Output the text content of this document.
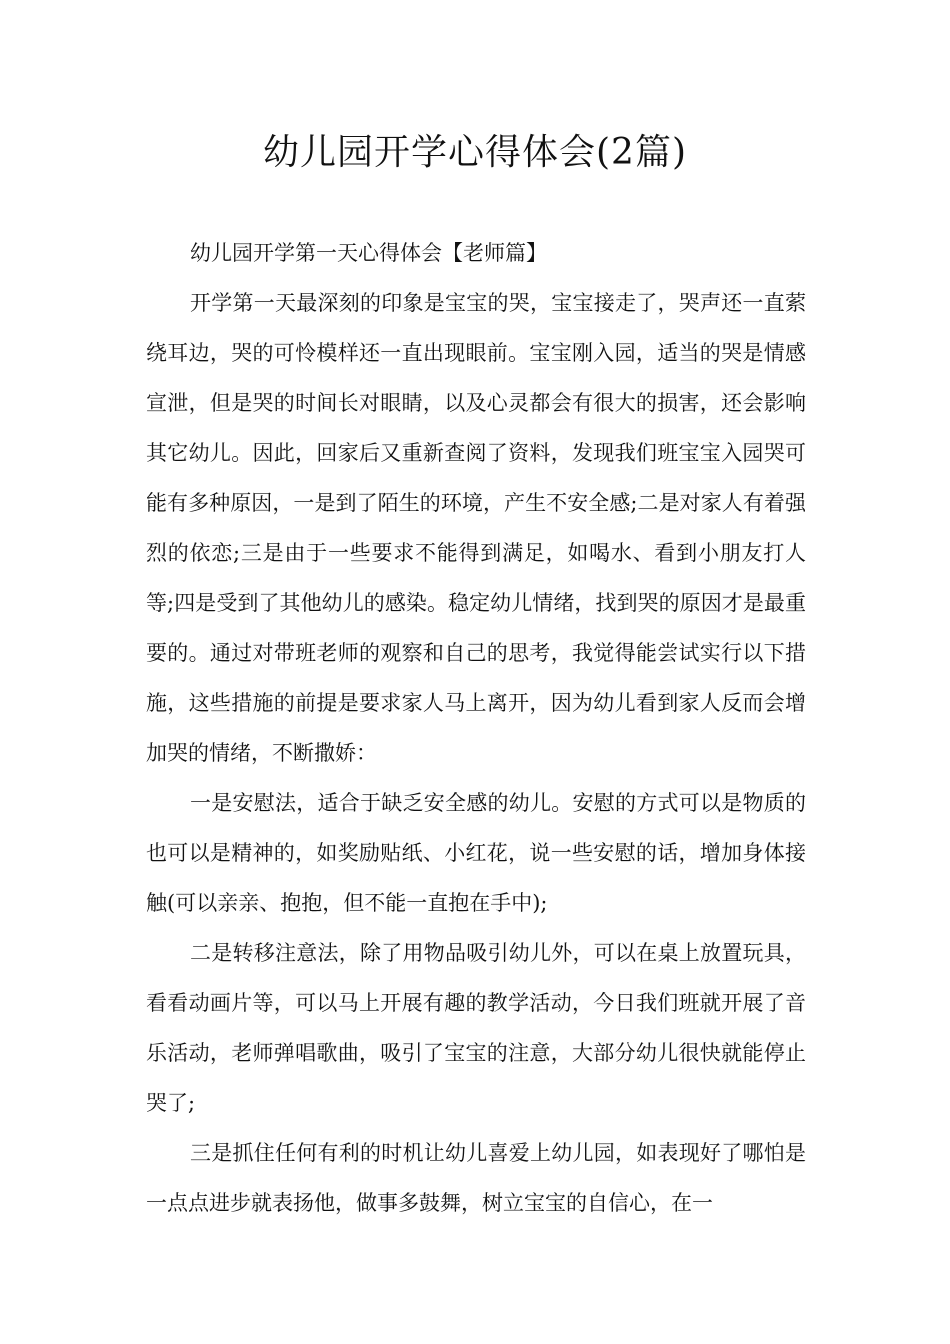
幼儿园开学心得体会(2篇)

幼儿园开学第一天心得体会【老师篇】

开学第一天最深刻的印象是宝宝的哭，宝宝接走了，哭声还一直萦绕耳边，哭的可怜模样还一直出现眼前。宝宝刚入园，适当的哭是情感宣泄，但是哭的时间长对眼睛，以及心灵都会有很大的损害，还会影响其它幼儿。因此，回家后又重新查阅了资料，发现我们班宝宝入园哭可能有多种原因，一是到了陌生的环境，产生不安全感;二是对家人有着强烈的依恋;三是由于一些要求不能得到满足，如喝水、看到小朋友打人等;四是受到了其他幼儿的感染。稳定幼儿情绪，找到哭的原因才是最重要的。通过对带班老师的观察和自己的思考，我觉得能尝试实行以下措施，这些措施的前提是要求家人马上离开，因为幼儿看到家人反而会增加哭的情绪，不断撒娇：

一是安慰法，适合于缺乏安全感的幼儿。安慰的方式可以是物质的也可以是精神的，如奖励贴纸、小红花，说一些安慰的话，增加身体接触(可以亲亲、抱抱，但不能一直抱在手中);

二是转移注意法，除了用物品吸引幼儿外，可以在桌上放置玩具，看看动画片等，可以马上开展有趣的教学活动，今日我们班就开展了音乐活动，老师弹唱歌曲，吸引了宝宝的注意，大部分幼儿很快就能停止哭了;

三是抓住任何有利的时机让幼儿喜爱上幼儿园，如表现好了哪怕是一点点进步就表扬他，做事多鼓舞，树立宝宝的自信心，在一
